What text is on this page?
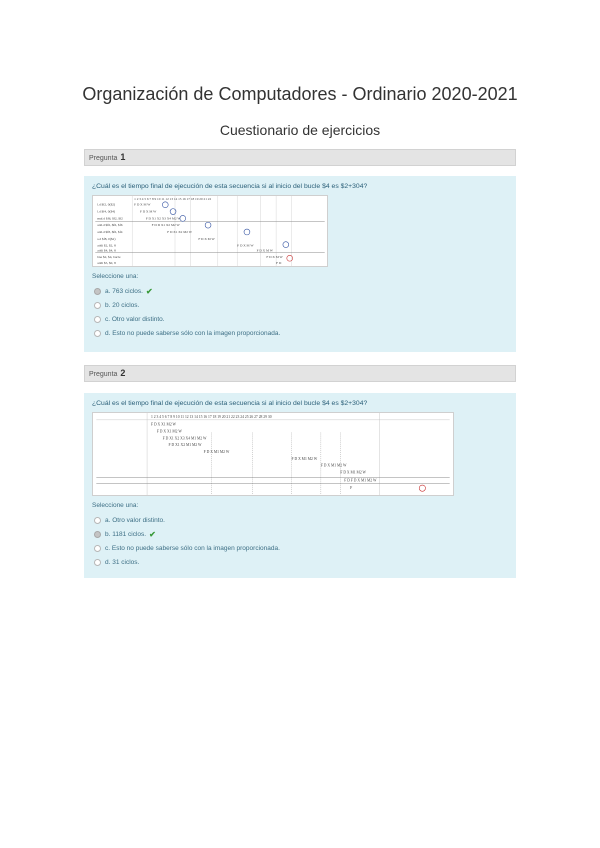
Organización de Computadores - Ordinario 2020-2021
Cuestionario de ejercicios
Pregunta 1
¿Cuál es el tiempo final de ejecución de esta secuencia si al inicio del bucle $4 es $2+304?
l.d $f2, 0($2)
l.d $f4, 0($4)
mul.d $f6, $f2, $f2
add.d $f6, $f6, $f6
add.d $f8, $f6, $f4
s.d $f8, 0($2)
addi $2, $2, 8
addi $4, $4, 8
bne $2, $4, bucle
addi $5, $0, 8
1 2 3 4 5 6 7 8 9 10 11 12 13 14 15 16 17 18 19 20 21 22
F D X M W
F D X M W
F D X1 X2 X3 X4 M2 W
F D D X1 X2 M2 W
F D X1 X2 M2 W
F D X M W
F D X M W
F D X M W
F D X M W
F D
Seleccione una:
a. 763 ciclos. ✔
b. 20 ciclos.
c. Otro valor distinto.
d. Esto no puede saberse sólo con la imagen proporcionada.
Pregunta 2
¿Cuál es el tiempo final de ejecución de esta secuencia si al inicio del bucle $4 es $2+304?
1 2 3 4 5 6 7 8 9 10 11 12 13 14 15 16 17 18 19 20 21 22 23 24 25 26 27 28 29 30
F D X X1 M2 W
F D X X1 M2 W
F D X1 X2 X3 X4 M1 M2 W
F D X1 X2 M1 M2 W
F D X M1 M2 W
F D X M1 M2 W
F D X M1 M2 W
F D X M1 M2 W
F D F D X M1 M2 W
F
Seleccione una:
a. Otro valor distinto.
b. 1181 ciclos. ✔
c. Esto no puede saberse sólo con la imagen proporcionada.
d. 31 ciclos.
